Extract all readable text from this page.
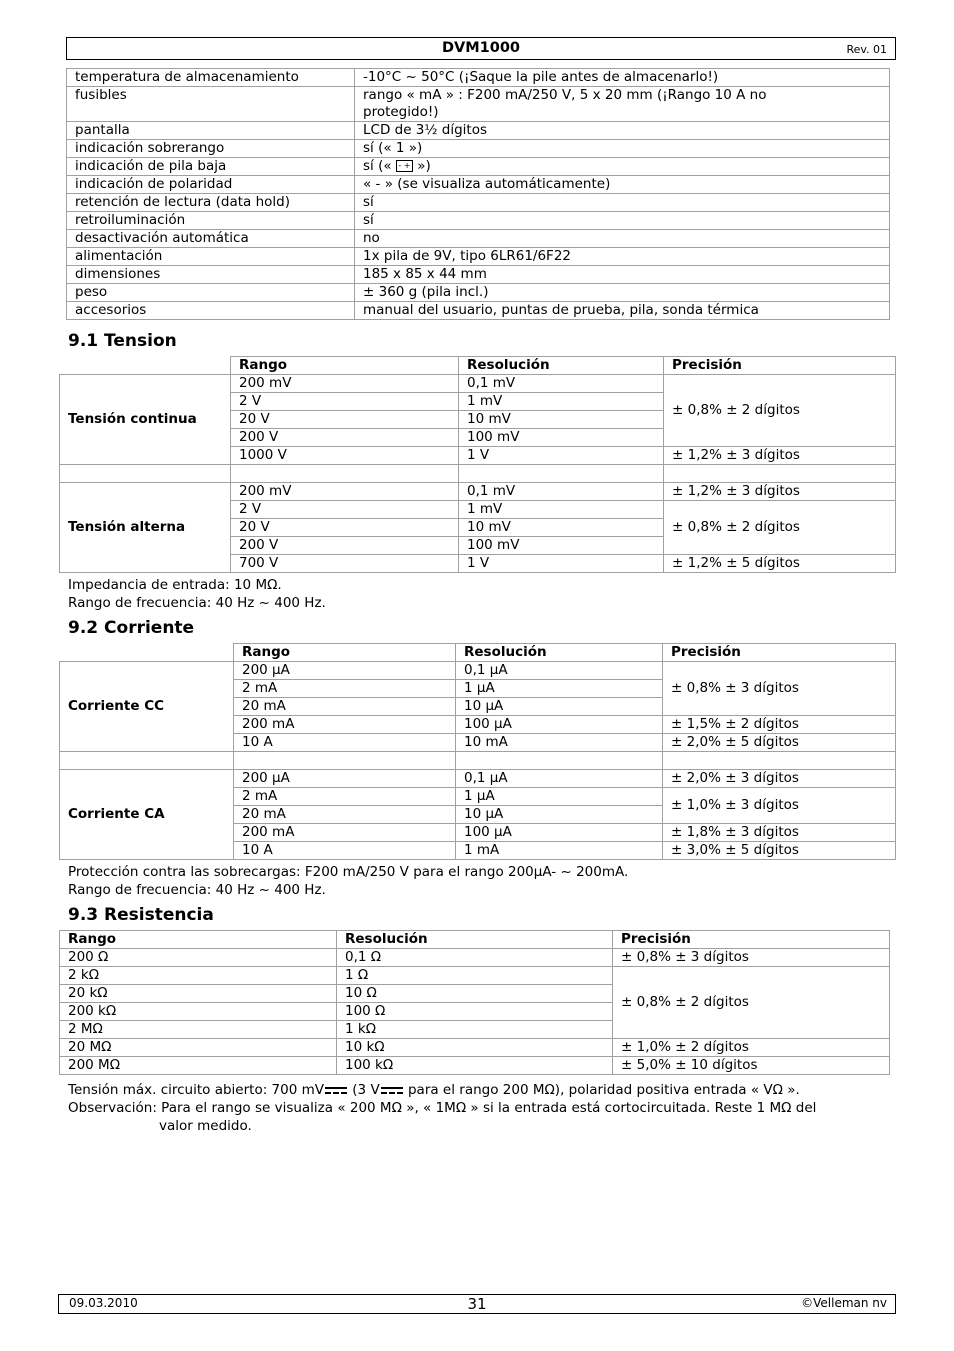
DVM1000	Rev. 01
temperatura de almacenamiento	-10°C ~ 50°C (¡Saque la pile antes de almacenarlo!)
fusibles	rango « mA » : F200 mA/250 V, 5 x 20 mm (¡Rango 10 A no
protegido!)
pantalla	LCD de 3½ dígitos
indicación sobrerango	sí (« 1 »)
indicación de pila baja	sí (« - + »)
indicación de polaridad	« - » (se visualiza automáticamente)
retención de lectura (data hold)	sí
retroiluminación	sí
desactivación automática	no
alimentación	1x pila de 9V, tipo 6LR61/6F22
dimensiones	185 x 85 x 44 mm
peso	± 360 g (pila incl.)
accesorios	manual del usuario, puntas de prueba, pila, sonda térmica
9.1 Tension
	Rango	Resolución	Precisión
Tensión continua	200 mV	0,1 mV	± 0,8% ± 2 dígitos
	2 V	1 mV	
	20 V	10 mV	
	200 V	100 mV	
	1000 V	1 V	± 1,2% ± 3 dígitos

Tensión alterna	200 mV	0,1 mV	± 1,2% ± 3 dígitos
	2 V	1 mV	± 0,8% ± 2 dígitos
	20 V	10 mV	
	200 V	100 mV	
	700 V	1 V	± 1,2% ± 5 dígitos
Impedancia de entrada: 10 MΩ.
Rango de frecuencia: 40 Hz ~ 400 Hz.
9.2 Corriente
	Rango	Resolución	Precisión
Corriente CC	200 µA	0,1 µA	± 0,8% ± 3 dígitos
	2 mA	1 µA	
	20 mA	10 µA	
	200 mA	100 µA	± 1,5% ± 2 dígitos
	10 A	10 mA	± 2,0% ± 5 dígitos

Corriente CA	200 µA	0,1 µA	± 2,0% ± 3 dígitos
	2 mA	1 µA	± 1,0% ± 3 dígitos
	20 mA	10 µA	
	200 mA	100 µA	± 1,8% ± 3 dígitos
	10 A	1 mA	± 3,0% ± 5 dígitos
Protección contra las sobrecargas: F200 mA/250 V para el rango 200µA- ~ 200mA.
Rango de frecuencia: 40 Hz ~ 400 Hz.
9.3 Resistencia
Rango	Resolución	Precisión
200 Ω	0,1 Ω	± 0,8% ± 3 dígitos
2 kΩ	1 Ω	± 0,8% ± 2 dígitos
20 kΩ	10 Ω	
200 kΩ	100 Ω	
2 MΩ	1 kΩ	
20 MΩ	10 kΩ	± 1,0% ± 2 dígitos
200 MΩ	100 kΩ	± 5,0% ± 10 dígitos
Tensión máx. circuito abierto: 700 mV (3 V para el rango 200 MΩ), polaridad positiva entrada « VΩ ».
Observación: Para el rango se visualiza « 200 MΩ », « 1MΩ » si la entrada está cortocircuitada. Reste 1 MΩ del
valor medido.
09.03.2010	31	©Velleman nv
